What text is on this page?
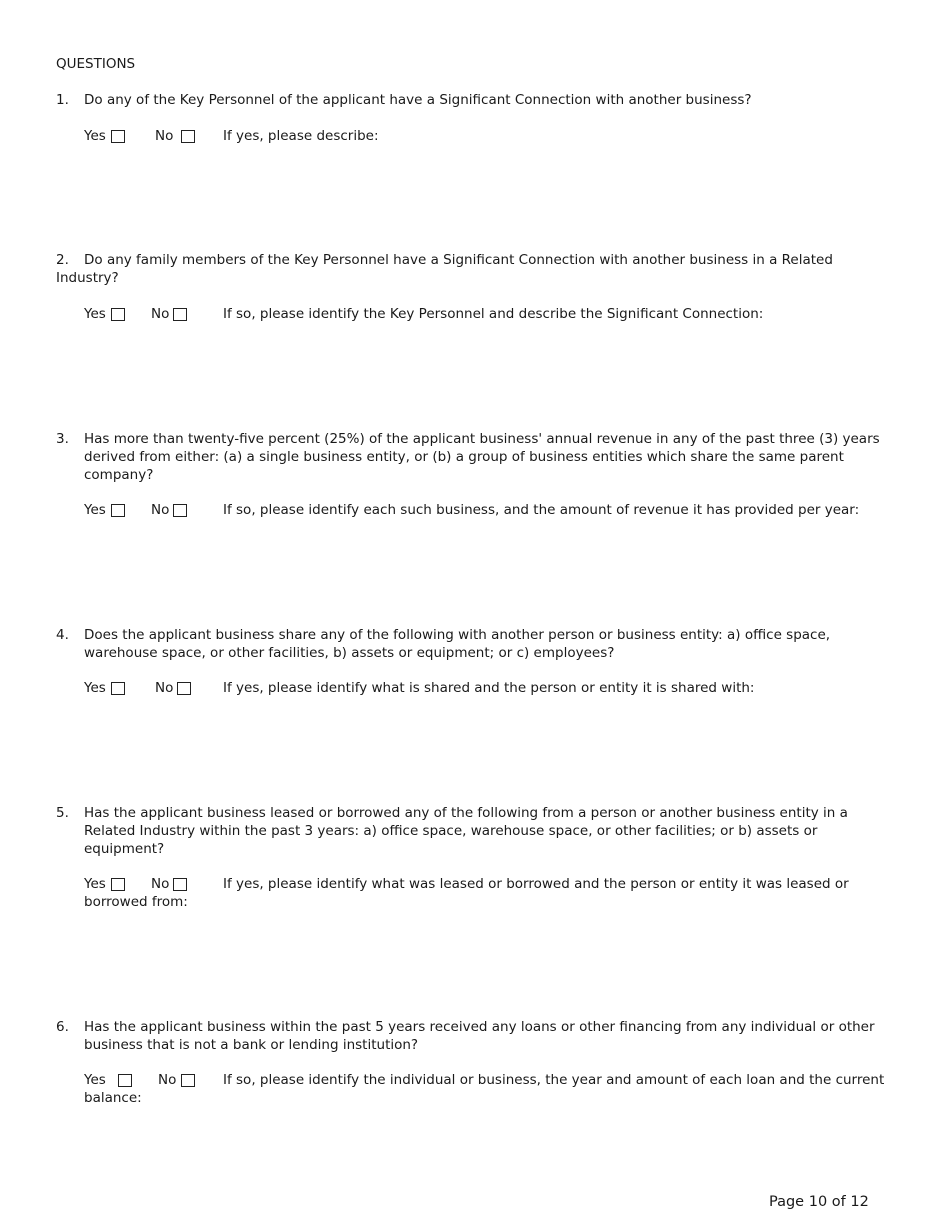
QUESTIONS
1. Do any of the Key Personnel of the applicant have a Significant Connection with another business?
Yes	No	If yes, please describe:
2. Do any family members of the Key Personnel have a Significant Connection with another business in a Related
Industry?
Yes	No	If so, please identify the Key Personnel and describe the Significant Connection:
3. Has more than twenty-five percent (25%) of the applicant business' annual revenue in any of the past three (3) years derived from either: (a) a single business entity, or (b) a group of business entities which share the same parent company?
Yes	No	If so, please identify each such business, and the amount of revenue it has provided per year:
4. Does the applicant business share any of the following with another person or business entity: a) office space, warehouse space, or other facilities, b) assets or equipment; or c) employees?
Yes	No	If yes, please identify what is shared and the person or entity it is shared with:
5. Has the applicant business leased or borrowed any of the following from a person or another business entity in a Related Industry within the past 3 years: a) office space, warehouse space, or other facilities; or b) assets or equipment?
Yes	No	If yes, please identify what was leased or borrowed and the person or entity it was leased or
borrowed from:
6. Has the applicant business within the past 5 years received any loans or other financing from any individual or other business that is not a bank or lending institution?
Yes	No	If so, please identify the individual or business, the year and amount of each loan and the current
balance:
Page 10 of 12
